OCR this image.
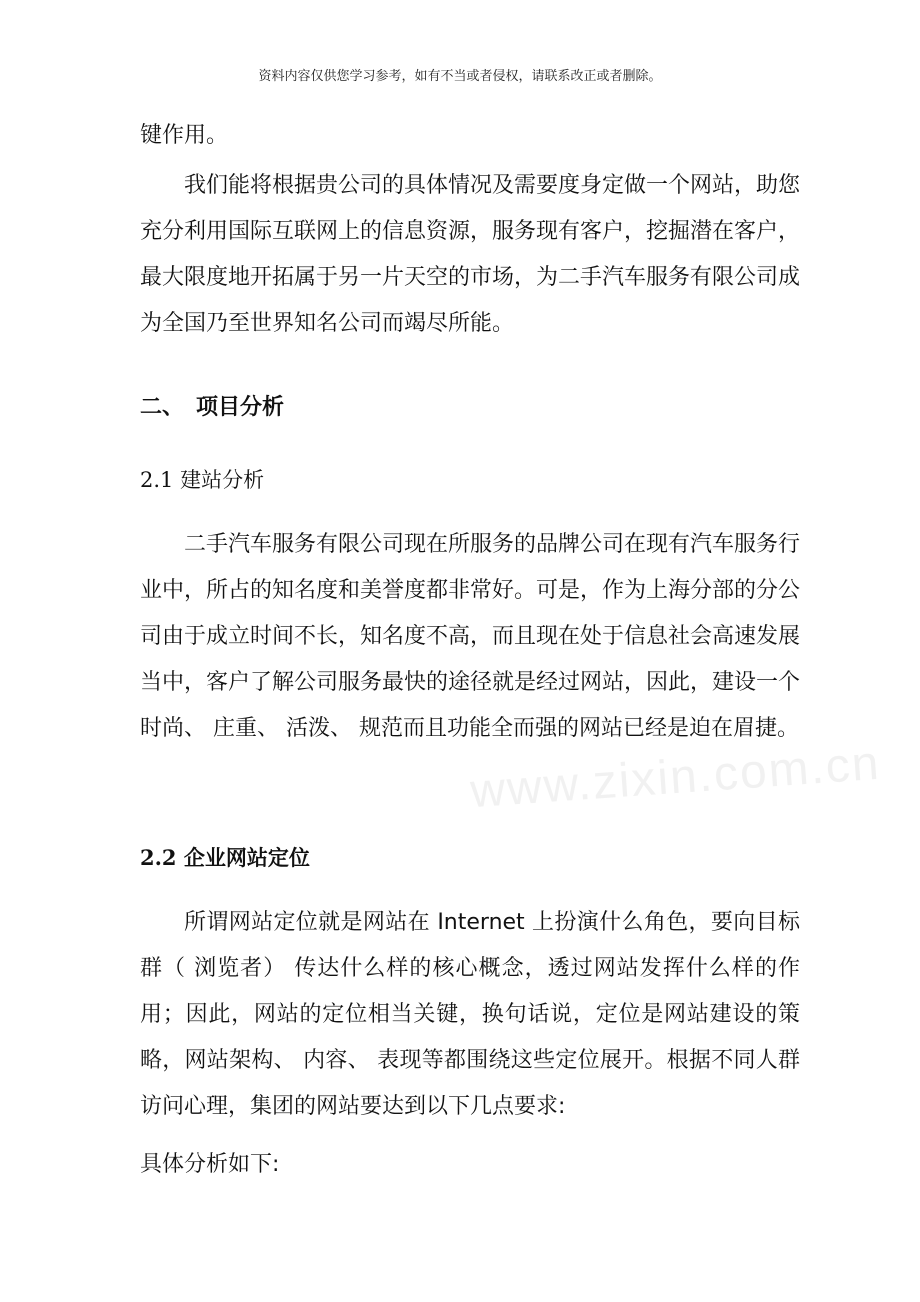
资料内容仅供您学习参考，如有不当或者侵权，请联系改正或者删除。
www.zixin.com.cn

键作用。

我们能将根据贵公司的具体情况及需要度身定做一个网站，助您充分利用国际互联网上的信息资源，服务现有客户，挖掘潜在客户，最大限度地开拓属于另一片天空的市场，为二手汽车服务有限公司成为全国乃至世界知名公司而竭尽所能。

二、 项目分析
2.1 建站分析

二手汽车服务有限公司现在所服务的品牌公司在现有汽车服务行业中，所占的知名度和美誉度都非常好。可是，作为上海分部的分公司由于成立时间不长，知名度不高，而且现在处于信息社会高速发展当中，客户了解公司服务最快的途径就是经过网站，因此，建设一个时尚、 庄重、 活泼、 规范而且功能全而强的网站已经是迫在眉捷。

2.2 企业网站定位

所谓网站定位就是网站在 Internet 上扮演什么角色，要向目标群（ 浏览者） 传达什么样的核心概念，透过网站发挥什么样的作用；因此，网站的定位相当关键，换句话说，定位是网站建设的策略，网站架构、 内容、 表现等都围绕这些定位展开。根据不同人群访问心理，集团的网站要达到以下几点要求:

具体分析如下:
